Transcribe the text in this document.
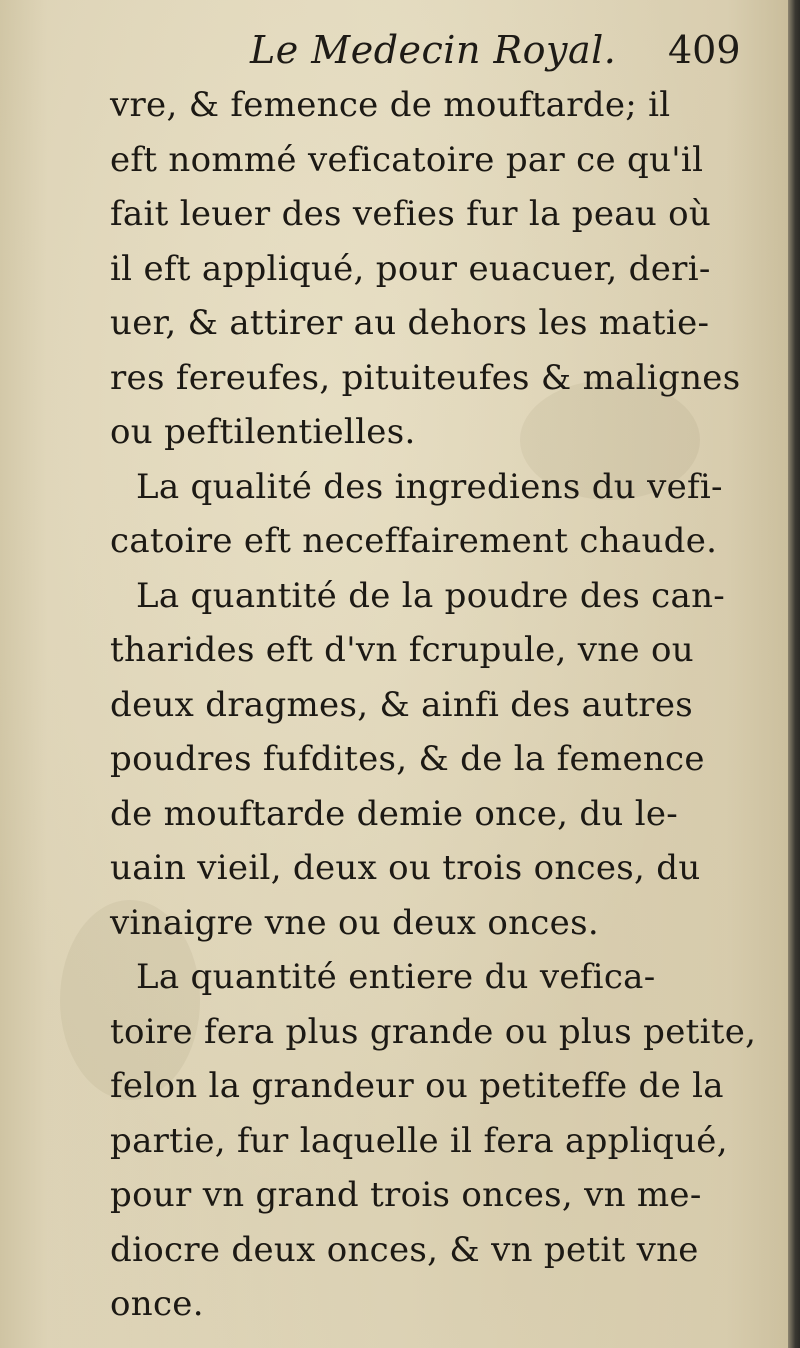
Le Medecin Royal. 409
vre, & femence de mouftarde; il
eft nommé veficatoire par ce qu'il
fait leuer des vefies fur la peau où
il eft appliqué, pour euacuer, deri-
uer, & attirer au dehors les matie-
res fereufes, pituiteufes & malignes
ou peftilentielles.
La qualité des ingrediens du vefi-
catoire eft neceffairement chaude.
La quantité de la poudre des can-
tharides eft d'vn fcrupule, vne ou
deux dragmes, & ainfi des autres
poudres fufdites, & de la femence
de mouftarde demie once, du le-
uain vieil, deux ou trois onces, du
vinaigre vne ou deux onces.
La quantité entiere du vefica-
toire fera plus grande ou plus petite,
felon la grandeur ou petiteffe de la
partie, fur laquelle il fera appliqué,
pour vn grand trois onces, vn me-
diocre deux onces, & vn petit vne
once.
